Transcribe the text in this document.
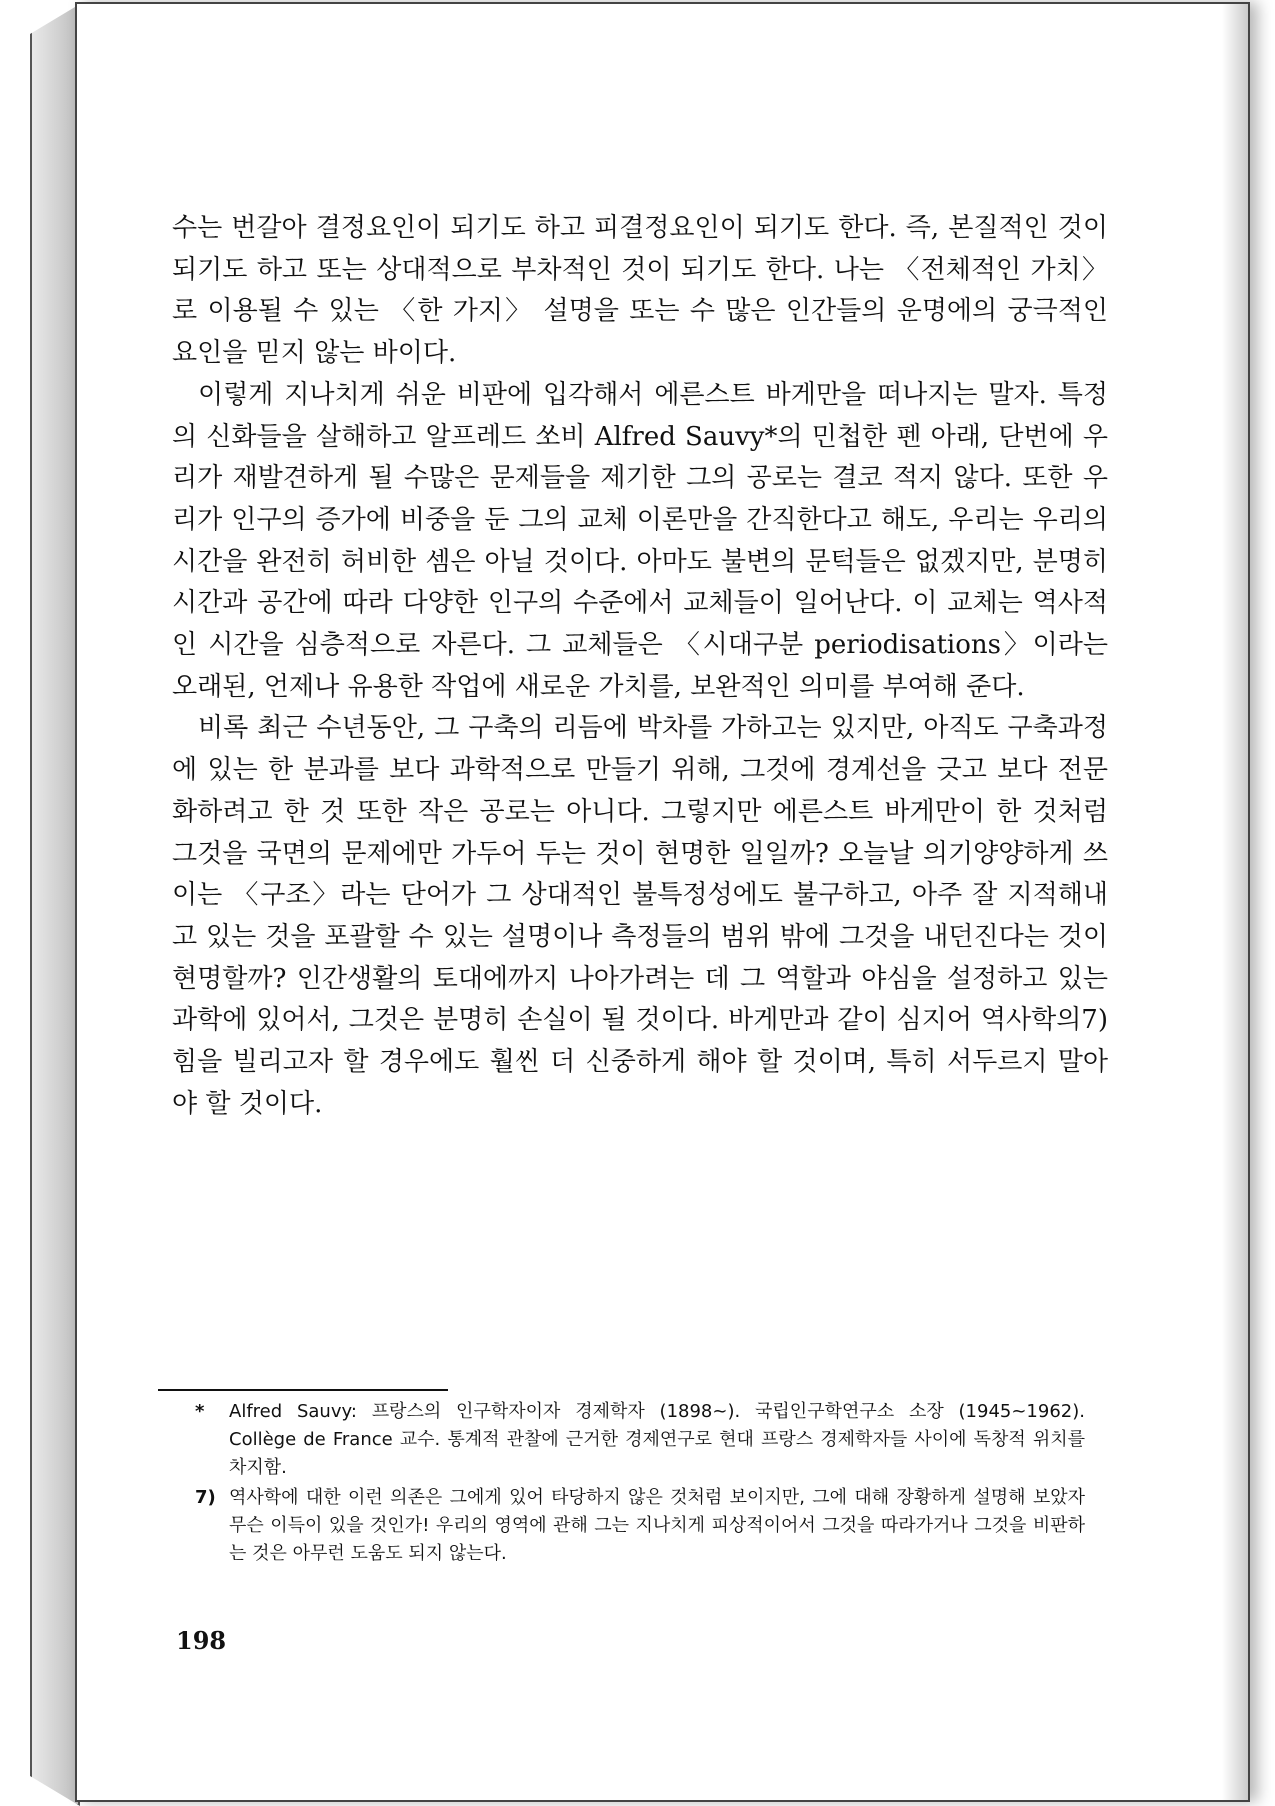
수는 번갈아 결정요인이 되기도 하고 피결정요인이 되기도 한다. 즉, 본질적인 것이 되기도 하고 또는 상대적으로 부차적인 것이 되기도 한다. 나는 〈전체적인 가치〉로 이용될 수 있는 〈한 가지〉 설명을 또는 수 많은 인간들의 운명에의 궁극적인 요인을 믿지 않는 바이다.

이렇게 지나치게 쉬운 비판에 입각해서 에른스트 바게만을 떠나지는 말자. 특정의 신화들을 살해하고 알프레드 쏘비 Alfred Sauvy*의 민첩한 펜 아래, 단번에 우리가 재발견하게 될 수많은 문제들을 제기한 그의 공로는 결코 적지 않다. 또한 우리가 인구의 증가에 비중을 둔 그의 교체 이론만을 간직한다고 해도, 우리는 우리의 시간을 완전히 허비한 셈은 아닐 것이다. 아마도 불변의 문턱들은 없겠지만, 분명히 시간과 공간에 따라 다양한 인구의 수준에서 교체들이 일어난다. 이 교체는 역사적인 시간을 심층적으로 자른다. 그 교체들은 〈시대구분 periodisations〉이라는 오래된, 언제나 유용한 작업에 새로운 가치를, 보완적인 의미를 부여해 준다.

비록 최근 수년동안, 그 구축의 리듬에 박차를 가하고는 있지만, 아직도 구축과정에 있는 한 분과를 보다 과학적으로 만들기 위해, 그것에 경계선을 긋고 보다 전문화하려고 한 것 또한 작은 공로는 아니다. 그렇지만 에른스트 바게만이 한 것처럼 그것을 국면의 문제에만 가두어 두는 것이 현명한 일일까? 오늘날 의기양양하게 쓰이는 〈구조〉라는 단어가 그 상대적인 불특정성에도 불구하고, 아주 잘 지적해내고 있는 것을 포괄할 수 있는 설명이나 측정들의 범위 밖에 그것을 내던진다는 것이 현명할까? 인간생활의 토대에까지 나아가려는 데 그 역할과 야심을 설정하고 있는 과학에 있어서, 그것은 분명히 손실이 될 것이다. 바게만과 같이 심지어 역사학의7) 힘을 빌리고자 할 경우에도 훨씬 더 신중하게 해야 할 것이며, 특히 서두르지 말아야 할 것이다.

* Alfred Sauvy: 프랑스의 인구학자이자 경제학자 (1898~). 국립인구학연구소 소장 (1945~1962). Collège de France 교수. 통계적 관찰에 근거한 경제연구로 현대 프랑스 경제학자들 사이에 독창적 위치를 차지함.
7) 역사학에 대한 이런 의존은 그에게 있어 타당하지 않은 것처럼 보이지만, 그에 대해 장황하게 설명해 보았자 무슨 이득이 있을 것인가! 우리의 영역에 관해 그는 지나치게 피상적이어서 그것을 따라가거나 그것을 비판하는 것은 아무런 도움도 되지 않는다.
198
